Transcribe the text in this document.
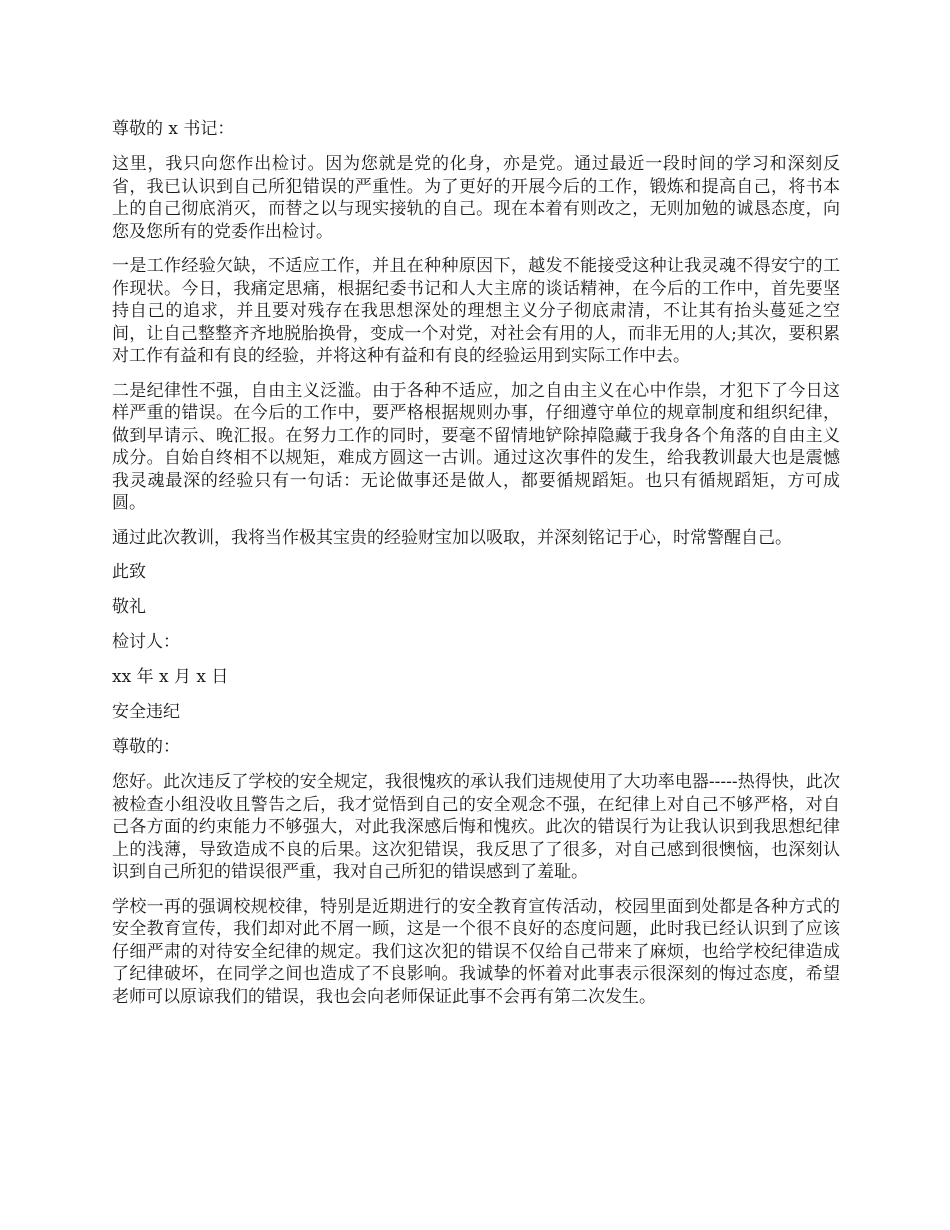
尊敬的 x 书记：

这里，我只向您作出检讨。因为您就是党的化身，亦是党。通过最近一段时间的学习和深刻反省，我已认识到自己所犯错误的严重性。为了更好的开展今后的工作，锻炼和提高自己，将书本上的自己彻底消灭，而替之以与现实接轨的自己。现在本着有则改之，无则加勉的诚恳态度，向您及您所有的党委作出检讨。

一是工作经验欠缺，不适应工作，并且在种种原因下，越发不能接受这种让我灵魂不得安宁的工作现状。今日，我痛定思痛，根据纪委书记和人大主席的谈话精神，在今后的工作中，首先要坚持自己的追求，并且要对残存在我思想深处的理想主义分子彻底肃清，不让其有抬头蔓延之空间，让自己整整齐齐地脱胎换骨，变成一个对党，对社会有用的人，而非无用的人;其次，要积累对工作有益和有良的经验，并将这种有益和有良的经验运用到实际工作中去。

二是纪律性不强，自由主义泛滥。由于各种不适应，加之自由主义在心中作祟，才犯下了今日这样严重的错误。在今后的工作中，要严格根据规则办事，仔细遵守单位的规章制度和组织纪律，做到早请示、晚汇报。在努力工作的同时，要毫不留情地铲除掉隐藏于我身各个角落的自由主义成分。自始自终相不以规矩，难成方圆这一古训。通过这次事件的发生，给我教训最大也是震憾我灵魂最深的经验只有一句话：无论做事还是做人，都要循规蹈矩。也只有循规蹈矩，方可成圆。

通过此次教训，我将当作极其宝贵的经验财宝加以吸取，并深刻铭记于心，时常警醒自己。

此致

敬礼

检讨人：

xx 年 x 月 x 日

安全违纪

尊敬的：

您好。此次违反了学校的安全规定，我很愧疚的承认我们违规使用了大功率电器-----热得快，此次被检查小组没收且警告之后，我才觉悟到自己的安全观念不强，在纪律上对自己不够严格，对自己各方面的约束能力不够强大，对此我深感后悔和愧疚。此次的错误行为让我认识到我思想纪律上的浅薄，导致造成不良的后果。这次犯错误，我反思了了很多，对自己感到很懊恼，也深刻认识到自己所犯的错误很严重，我对自己所犯的错误感到了羞耻。

学校一再的强调校规校律，特别是近期进行的安全教育宣传活动，校园里面到处都是各种方式的安全教育宣传，我们却对此不屑一顾，这是一个很不良好的态度问题，此时我已经认识到了应该仔细严肃的对待安全纪律的规定。我们这次犯的错误不仅给自己带来了麻烦，也给学校纪律造成了纪律破坏，在同学之间也造成了不良影响。我诚挚的怀着对此事表示很深刻的悔过态度，希望老师可以原谅我们的错误，我也会向老师保证此事不会再有第二次发生。
